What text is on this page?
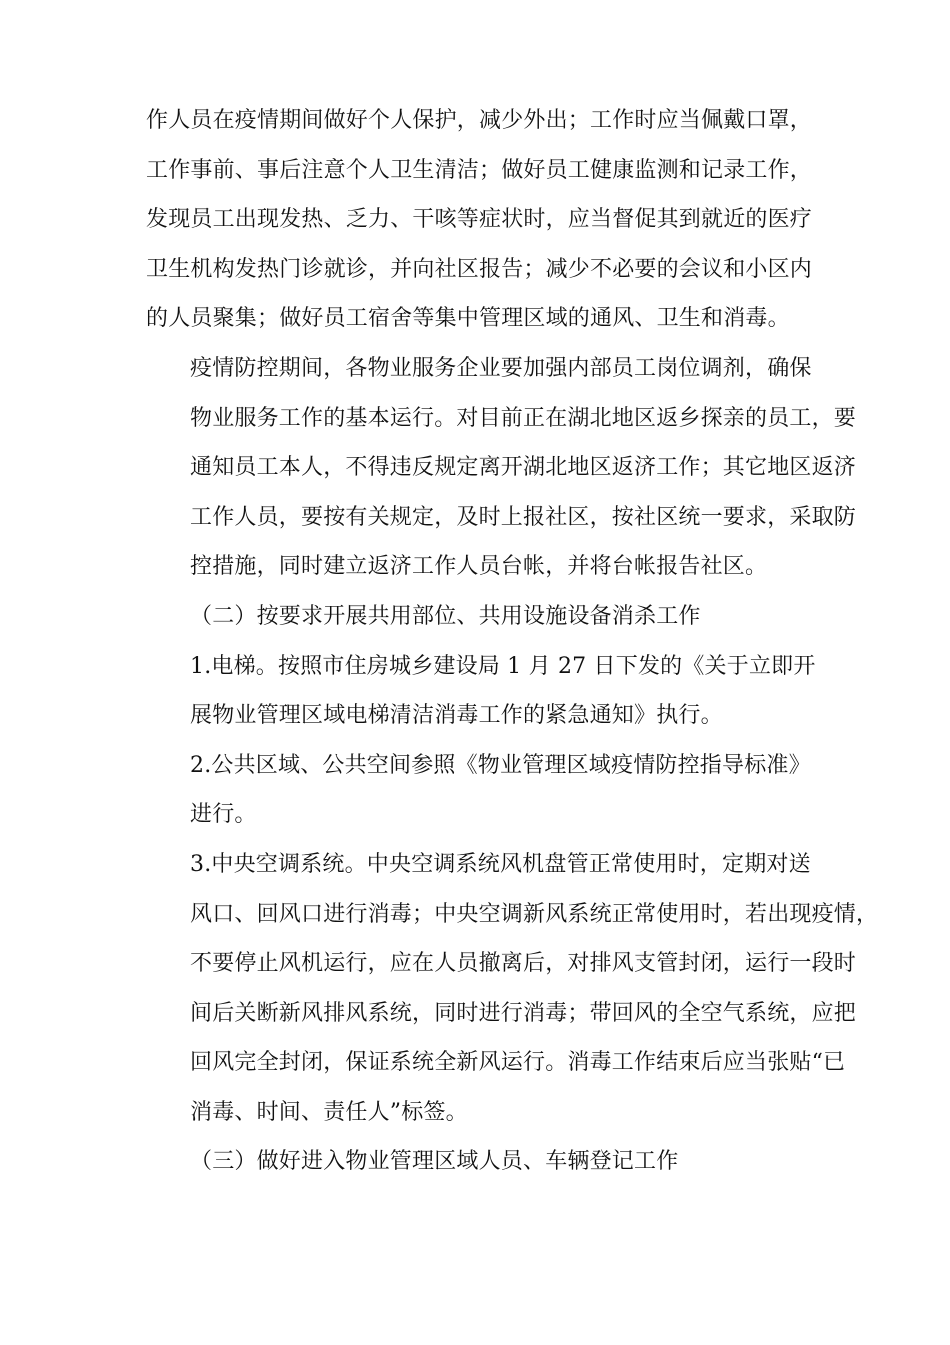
作人员在疫情期间做好个人保护，减少外出；工作时应当佩戴口罩，
工作事前、事后注意个人卫生清洁；做好员工健康监测和记录工作，
发现员工出现发热、乏力、干咳等症状时，应当督促其到就近的医疗
卫生机构发热门诊就诊，并向社区报告；减少不必要的会议和小区内
的人员聚集；做好员工宿舍等集中管理区域的通风、卫生和消毒。

疫情防控期间，各物业服务企业要加强内部员工岗位调剂，确保
物业服务工作的基本运行。对目前正在湖北地区返乡探亲的员工，要
通知员工本人，不得违反规定离开湖北地区返济工作；其它地区返济
工作人员，要按有关规定，及时上报社区，按社区统一要求，采取防
控措施，同时建立返济工作人员台帐，并将台帐报告社区。

（二）按要求开展共用部位、共用设施设备消杀工作

1.电梯。按照市住房城乡建设局 1 月 27 日下发的《关于立即开
展物业管理区域电梯清洁消毒工作的紧急通知》执行。

2.公共区域、公共空间参照《物业管理区域疫情防控指导标准》
进行。

3.中央空调系统。中央空调系统风机盘管正常使用时，定期对送
风口、回风口进行消毒；中央空调新风系统正常使用时，若出现疫情，
不要停止风机运行，应在人员撤离后，对排风支管封闭，运行一段时
间后关断新风排风系统，同时进行消毒；带回风的全空气系统，应把
回风完全封闭，保证系统全新风运行。消毒工作结束后应当张贴“已
消毒、时间、责任人”标签。

（三）做好进入物业管理区域人员、车辆登记工作
